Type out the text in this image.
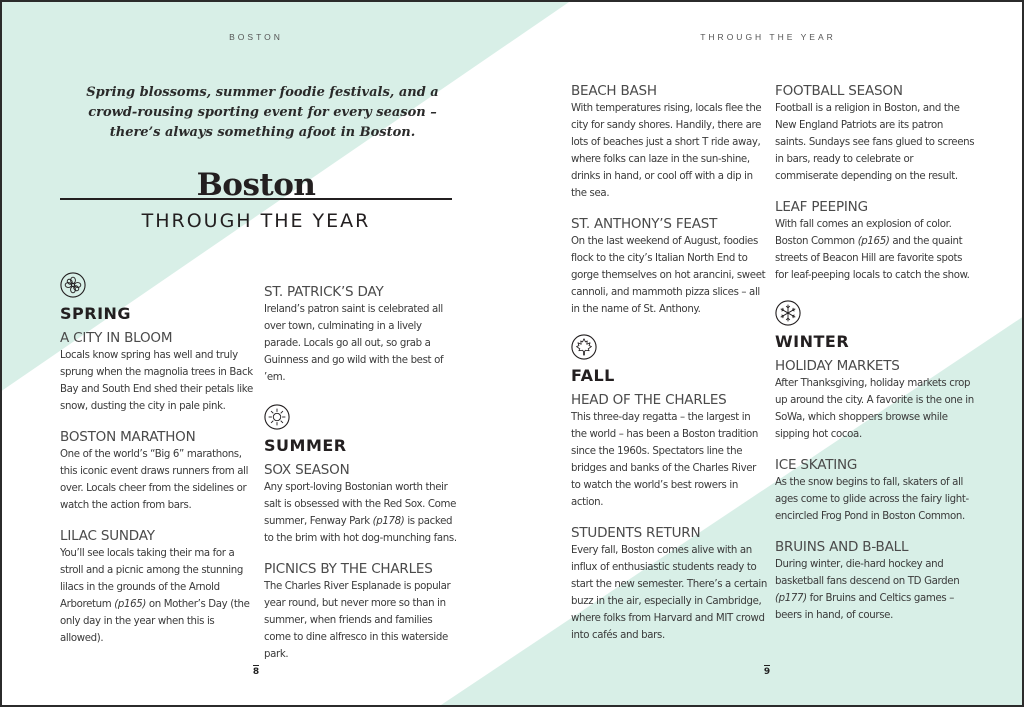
BOSTON
Spring blossoms, summer foodie festivals, and a crowd-rousing sporting event for every season – there’s always something afoot in Boston.
Boston
THROUGH THE YEAR
SPRING
A CITY IN BLOOM
Locals know spring has well and truly sprung when the magnolia trees in Back Bay and South End shed their petals like snow, dusting the city in pale pink.
BOSTON MARATHON
One of the world’s “Big 6” marathons, this iconic event draws runners from all over. Locals cheer from the sidelines or watch the action from bars.
LILAC SUNDAY
You’ll see locals taking their ma for a stroll and a picnic among the stunning lilacs in the grounds of the Arnold Arboretum (p165) on Mother’s Day (the only day in the year when this is allowed).
ST. PATRICK’S DAY
Ireland’s patron saint is celebrated all over town, culminating in a lively parade. Locals go all out, so grab a Guinness and go wild with the best of ’em.
SUMMER
SOX SEASON
Any sport-loving Bostonian worth their salt is obsessed with the Red Sox. Come summer, Fenway Park (p178) is packed to the brim with hot dog-munching fans.
PICNICS BY THE CHARLES
The Charles River Esplanade is popular year round, but never more so than in summer, when friends and families come to dine alfresco in this waterside park.
8
THROUGH THE YEAR
BEACH BASH
With temperatures rising, locals flee the city for sandy shores. Handily, there are lots of beaches just a short T ride away, where folks can laze in the sun-shine, drinks in hand, or cool off with a dip in the sea.
ST. ANTHONY’S FEAST
On the last weekend of August, foodies flock to the city’s Italian North End to gorge themselves on hot arancini, sweet cannoli, and mammoth pizza slices – all in the name of St. Anthony.
FALL
HEAD OF THE CHARLES
This three-day regatta – the largest in the world – has been a Boston tradition since the 1960s. Spectators line the bridges and banks of the Charles River to watch the world’s best rowers in action.
STUDENTS RETURN
Every fall, Boston comes alive with an influx of enthusiastic students ready to start the new semester. There’s a certain buzz in the air, especially in Cambridge, where folks from Harvard and MIT crowd into cafés and bars.
FOOTBALL SEASON
Football is a religion in Boston, and the New England Patriots are its patron saints. Sundays see fans glued to screens in bars, ready to celebrate or commiserate depending on the result.
LEAF PEEPING
With fall comes an explosion of color. Boston Common (p165) and the quaint streets of Beacon Hill are favorite spots for leaf-peeping locals to catch the show.
WINTER
HOLIDAY MARKETS
After Thanksgiving, holiday markets crop up around the city. A favorite is the one in SoWa, which shoppers browse while sipping hot cocoa.
ICE SKATING
As the snow begins to fall, skaters of all ages come to glide across the fairy light-encircled Frog Pond in Boston Common.
BRUINS AND B-BALL
During winter, die-hard hockey and basketball fans descend on TD Garden (p177) for Bruins and Celtics games – beers in hand, of course.
9
